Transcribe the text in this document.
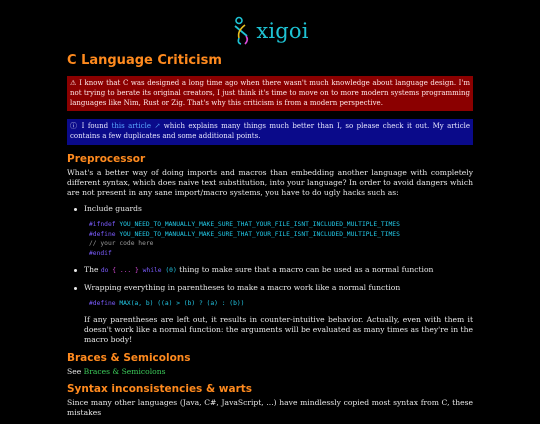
xigoi
C Language Criticism
⚠ I know that C was designed a long time ago when there wasn't much knowledge about language design. I'm not trying to berate its original creators, I just think it's time to move on to more modern systems programming languages like Nim, Rust or Zig. That's why this criticism is from a modern perspective.
ⓘ I found this article ↗ which explains many things much better than I, so please check it out. My article contains a few duplicates and some additional points.
Preprocessor

What's a better way of doing imports and macros than embedding another language with completely different syntax, which does naive text substitution, into your language? In order to avoid dangers which are not present in any sane import/macro systems, you have to do ugly hacks such as:

Include guards
#ifndef YOU_NEED_TO_MANUALLY_MAKE_SURE_THAT_YOUR_FILE_ISNT_INCLUDED_MULTIPLE_TIMES
#define YOU_NEED_TO_MANUALLY_MAKE_SURE_THAT_YOUR_FILE_ISNT_INCLUDED_MULTIPLE_TIMES
// your code here
#endif
The do { ... } while (0) thing to make sure that a macro can be used as a normal function
Wrapping everything in parentheses to make a macro work like a normal function
#define MAX(a, b) ((a) > (b) ? (a) : (b))
If any parentheses are left out, it results in counter-intuitive behavior. Actually, even with them it doesn't work like a normal function: the arguments will be evaluated as many times as they're in the macro body!
Braces & Semicolons

See Braces & Semicolons

Syntax inconsistencies & warts

Since many other languages (Java, C#, JavaScript, ...) have mindlessly copied most syntax from C, these mistakes
